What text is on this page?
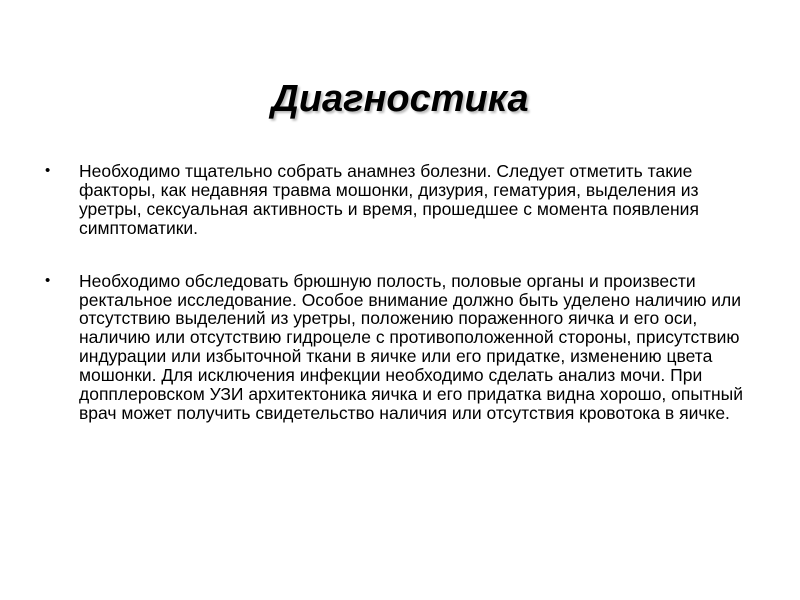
Диагностика
• Необходимо тщательно собрать анамнез болезни. Следует отметить такие факторы, как недавняя травма мошонки, дизурия, гематурия, выделения из уретры, сексуальная активность и время, прошедшее с момента появления симптоматики.
• Необходимо обследовать брюшную полость, половые органы и произвести ректальное исследование. Особое внимание должно быть уделено наличию или отсутствию выделений из уретры, положению пораженного яичка и его оси, наличию или отсутствию гидроцеле с противоположенной стороны, присутствию индурации или избыточной ткани в яичке или его придатке, изменению цвета мошонки. Для исключения инфекции необходимо сделать анализ мочи. При допплеровском УЗИ архитектоника яичка и его придатка видна хорошо, опытный врач может получить свидетельство наличия или отсутствия кровотока в яичке.
